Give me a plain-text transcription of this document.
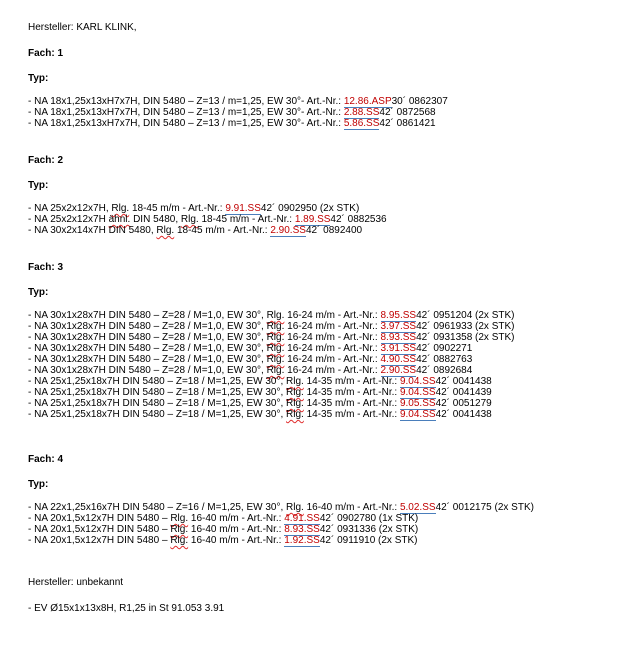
Hersteller: KARL KLINK,
Fach: 1
Typ:
- NA 18x1,25x13xH7x7H, DIN 5480 – Z=13 / m=1,25, EW 30°- Art.-Nr.: 12.86.ASP30´ 0862307
- NA 18x1,25x13xH7x7H, DIN 5480 – Z=13 / m=1,25, EW 30°- Art.-Nr.: 2.88.SS42´ 0872568
- NA 18x1,25x13xH7x7H, DIN 5480 – Z=13 / m=1,25, EW 30°- Art.-Nr.: 5.86.SS42´ 0861421
Fach: 2
Typ:
- NA 25x2x12x7H, Rlg. 18-45 m/m - Art.-Nr.: 9.91.SS42´ 0902950 (2x STK)
- NA 25x2x12x7H ähnl. DIN 5480, Rlg. 18-45 m/m - Art.-Nr.: 1.89.SS42´ 0882536
- NA 30x2x14x7H DIN 5480, Rlg. 18-45 m/m - Art.-Nr.: 2.90.SS42´ 0892400
Fach: 3
Typ:
- NA 30x1x28x7H DIN 5480 – Z=28 / M=1,0, EW 30°, Rlg. 16-24 m/m - Art.-Nr.: 8.95.SS42´ 0951204 (2x STK)
- NA 30x1x28x7H DIN 5480 – Z=28 / M=1,0, EW 30°, Rlg. 16-24 m/m - Art.-Nr.: 3.97.SS42´ 0961933 (2x STK)
- NA 30x1x28x7H DIN 5480 – Z=28 / M=1,0, EW 30°, Rlg. 16-24 m/m - Art.-Nr.: 8.93.SS42´ 0931358 (2x STK)
- NA 30x1x28x7H DIN 5480 – Z=28 / M=1,0, EW 30°, Rlg. 16-24 m/m - Art.-Nr.: 3.91.SS42´ 0902271
- NA 30x1x28x7H DIN 5480 – Z=28 / M=1,0, EW 30°, Rlg. 16-24 m/m - Art.-Nr.: 4.90.SS42´ 0882763
- NA 30x1x28x7H DIN 5480 – Z=28 / M=1,0, EW 30°, Rlg. 16-24 m/m - Art.-Nr.: 2.90.SS42´ 0892684
- NA 25x1,25x18x7H DIN 5480 – Z=18 / M=1,25, EW 30°, Rlg. 14-35 m/m - Art.-Nr.: 9.04.SS42´ 0041438
- NA 25x1,25x18x7H DIN 5480 – Z=18 / M=1,25, EW 30°, Rlg. 14-35 m/m - Art.-Nr.: 9.04.SS42´ 0041439
- NA 25x1,25x18x7H DIN 5480 – Z=18 / M=1,25, EW 30°, Rlg. 14-35 m/m - Art.-Nr.: 9.05.SS42´ 0051279
- NA 25x1,25x18x7H DIN 5480 – Z=18 / M=1,25, EW 30°, Rlg. 14-35 m/m - Art.-Nr.: 9.04.SS42´ 0041438
Fach: 4
Typ:
- NA 22x1,25x16x7H DIN 5480 – Z=16 / M=1,25, EW 30°, Rlg. 16-40 m/m - Art.-Nr.: 5.02.SS42´ 0012175 (2x STK)
- NA 20x1,5x12x7H DIN 5480 – Rlg. 16-40 m/m - Art.-Nr.: 4.91.SS42´ 0902780 (1x STK)
- NA 20x1,5x12x7H DIN 5480 – Rlg. 16-40 m/m - Art.-Nr.: 8.93.SS42´ 0931336 (2x STK)
- NA 20x1,5x12x7H DIN 5480 – Rlg. 16-40 m/m - Art.-Nr.: 1.92.SS42´ 0911910 (2x STK)
Hersteller: unbekannt
- EV Ø15x1x13x8H, R1,25 in St 91.053 3.91
